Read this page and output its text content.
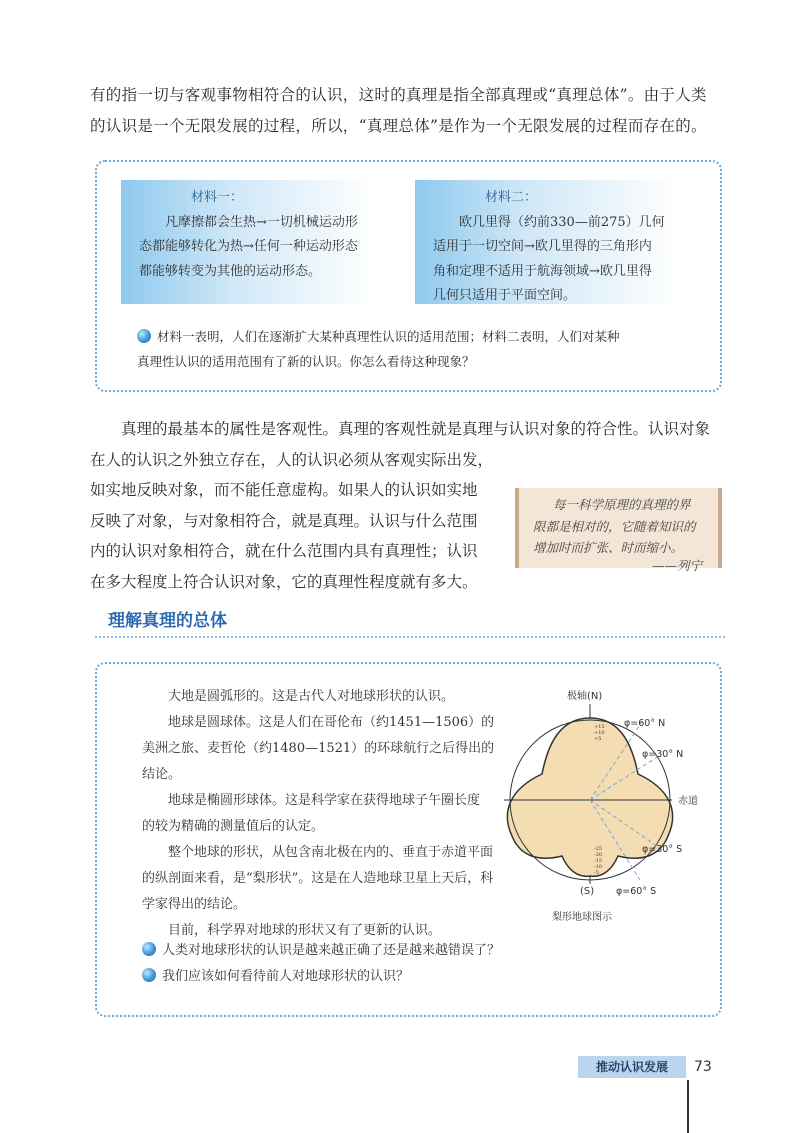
有的指一切与客观事物相符合的认识，这时的真理是指全部真理或“真理总体”。由于人类
的认识是一个无限发展的过程，所以，“真理总体”是作为一个无限发展的过程而存在的。
材料一：
凡摩擦都会生热→一切机械运动形
态都能够转化为热→任何一种运动形态
都能够转变为其他的运动形态。
材料二：
欧几里得（约前330—前275）几何
适用于一切空间→欧几里得的三角形内
角和定理不适用于航海领域→欧几里得
几何只适用于平面空间。
材料一表明，人们在逐渐扩大某种真理性认识的适用范围；材料二表明，人们对某种
真理性认识的适用范围有了新的认识。你怎么看待这种现象？
真理的最基本的属性是客观性。真理的客观性就是真理与认识对象的符合性。认识对象
在人的认识之外独立存在，人的认识必须从客观实际出发，
如实地反映对象，而不能任意虚构。如果人的认识如实地
反映了对象，与对象相符合，就是真理。认识与什么范围
内的认识对象相符合，就在什么范围内具有真理性；认识
在多大程度上符合认识对象，它的真理性程度就有多大。
每一科学原理的真理的界
限都是相对的，它随着知识的
增加时而扩张、时而缩小。
——列宁
理解真理的总体
大地是圆弧形的。这是古代人对地球形状的认识。
地球是圆球体。这是人们在哥伦布（约1451—1506）的
美洲之旅、麦哲伦（约1480—1521）的环球航行之后得出的
结论。
地球是椭圆形球体。这是科学家在获得地球子午圈长度
的较为精确的测量值后的认定。
整个地球的形状，从包含南北极在内的、垂直于赤道平面
的纵剖面来看，是“梨形状”。这是在人造地球卫星上天后，科
学家得出的结论。
目前，科学界对地球的形状又有了更新的认识。
极轴(N)
赤道
φ=60° N
φ=30° N
φ=30° S
φ=60° S
+15
+10
+5
-25
-20
-15
-10
-5
(S)
梨形地球图示
人类对地球形状的认识是越来越正确了还是越来越错误了？
我们应该如何看待前人对地球形状的认识？
推动认识发展	73
